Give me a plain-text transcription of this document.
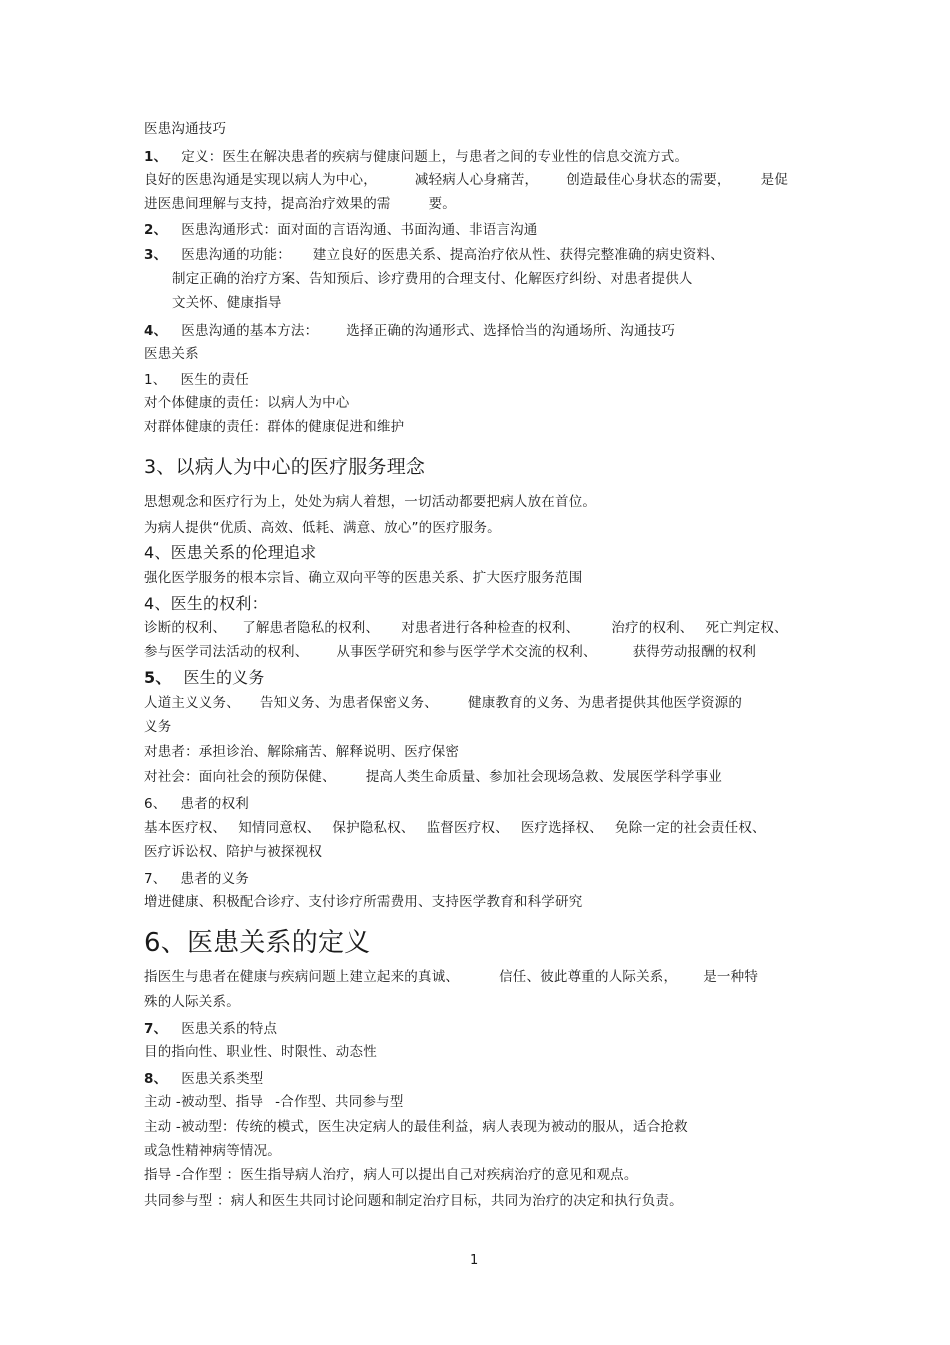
医患沟通技巧
1、 定义：医生在解决患者的疾病与健康问题上，与患者之间的专业性的信息交流方式。
良好的医患沟通是实现以病人为中心，	减轻病人心身痛苦， 创造最佳心身状态的需要， 是促
进医患间理解与支持，提高治疗效果的需	要。
2、 医患沟通形式：面对面的言语沟通、书面沟通、非语言沟通
3、 医患沟通的功能： 建立良好的医患关系、提高治疗依从性、获得完整准确的病史资料、
制定正确的治疗方案、告知预后、诊疗费用的合理支付、化解医疗纠纷、对患者提供人
文关怀、健康指导
4、 医患沟通的基本方法： 选择正确的沟通形式、选择恰当的沟通场所、沟通技巧
医患关系
1、 医生的责任
对个体健康的责任：以病人为中心
对群体健康的责任：群体的健康促进和维护
3、以病人为中心的医疗服务理念
思想观念和医疗行为上，处处为病人着想，一切活动都要把病人放在首位。
为病人提供“优质、高效、低耗、满意、放心”的医疗服务。
4、医患关系的伦理追求
强化医学服务的根本宗旨、确立双向平等的医患关系、扩大医疗服务范围
4、医生的权利：
诊断的权利、 了解患者隐私的权利、 对患者进行各种检查的权利、 治疗的权利、 死亡判定权、
参与医学司法活动的权利、 从事医学研究和参与医学学术交流的权利、	获得劳动报酬的权利
5、 医生的义务
人道主义义务、 告知义务、为患者保密义务、 健康教育的义务、为患者提供其他医学资源的
义务
对患者：承担诊治、解除痛苦、解释说明、医疗保密
对社会：面向社会的预防保健、 提高人类生命质量、参加社会现场急救、发展医学科学事业
6、 患者的权利
基本医疗权、 知情同意权、 保护隐私权、 监督医疗权、 医疗选择权、 免除一定的社会责任权、
医疗诉讼权、陪护与被探视权
7、 患者的义务
增进健康、积极配合诊疗、支付诊疗所需费用、支持医学教育和科学研究
6、医患关系的定义
指医生与患者在健康与疾病问题上建立起来的真诚、	信任、彼此尊重的人际关系， 是一种特
殊的人际关系。
7、 医患关系的特点
目的指向性、职业性、时限性、动态性
8、 医患关系类型
主动 -被动型、指导 -合作型、共同参与型
主动 -被动型：传统的模式，医生决定病人的最佳利益，病人表现为被动的服从，适合抢救
或急性精神病等情况。
指导 -合作型 ：医生指导病人治疗，病人可以提出自己对疾病治疗的意见和观点。
共同参与型 ：病人和医生共同讨论问题和制定治疗目标，共同为治疗的决定和执行负责。
1
